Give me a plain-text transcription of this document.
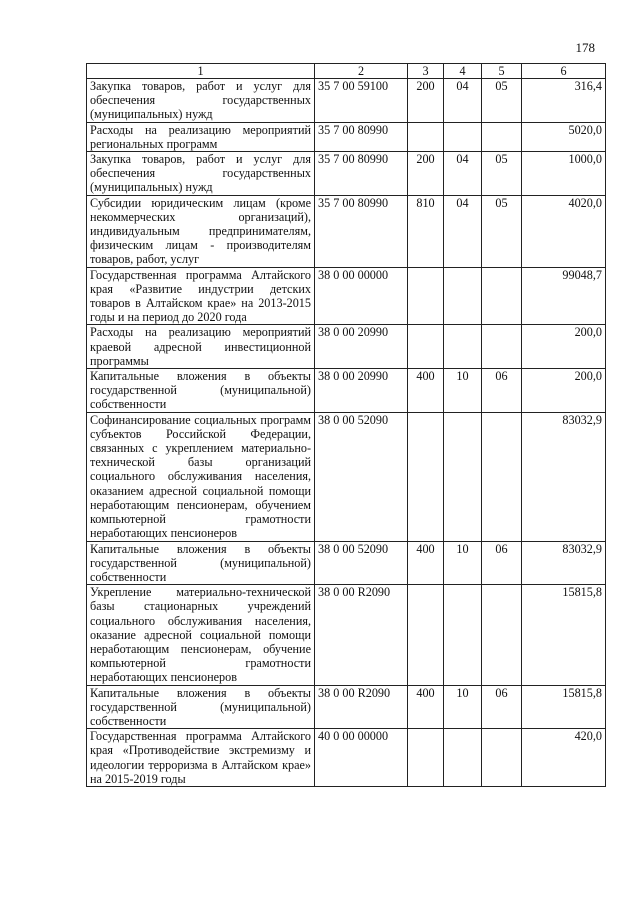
178
1	2	3	4	5	6
Закупка товаров, работ и услуг для обеспечения государственных (муниципальных) нужд	35 7 00 59100	200	04	05	316,4
Расходы на реализацию мероприятий региональных программ	35 7 00 80990				5020,0
Закупка товаров, работ и услуг для обеспечения государственных (муниципальных) нужд	35 7 00 80990	200	04	05	1000,0
Субсидии юридическим лицам (кроме некоммерческих организаций), индивидуальным предпринимателям, физическим лицам - производителям товаров, работ, услуг	35 7 00 80990	810	04	05	4020,0
Государственная программа Алтайского края «Развитие индустрии детских товаров в Алтайском крае» на 2013-2015 годы и на период до 2020 года	38 0 00 00000				99048,7
Расходы на реализацию мероприятий краевой адресной инвестиционной программы	38 0 00 20990				200,0
Капитальные вложения в объекты государственной (муниципальной) собственности	38 0 00 20990	400	10	06	200,0
Софинансирование социальных программ субъектов Российской Федерации, связанных с укреплением материально-технической базы организаций социального обслуживания населения, оказанием адресной социальной помощи неработающим пенсионерам, обучением компьютерной грамотности неработающих пенсионеров	38 0 00 52090				83032,9
Капитальные вложения в объекты государственной (муниципальной) собственности	38 0 00 52090	400	10	06	83032,9
Укрепление материально-технической базы стационарных учреждений социального обслуживания населения, оказание адресной социальной помощи неработающим пенсионерам, обучение компьютерной грамотности неработающих пенсионеров	38 0 00 R2090				15815,8
Капитальные вложения в объекты государственной (муниципальной) собственности	38 0 00 R2090	400	10	06	15815,8
Государственная программа Алтайского края «Противодействие экстремизму и идеологии терроризма в Алтайском крае» на 2015-2019 годы	40 0 00 00000				420,0
